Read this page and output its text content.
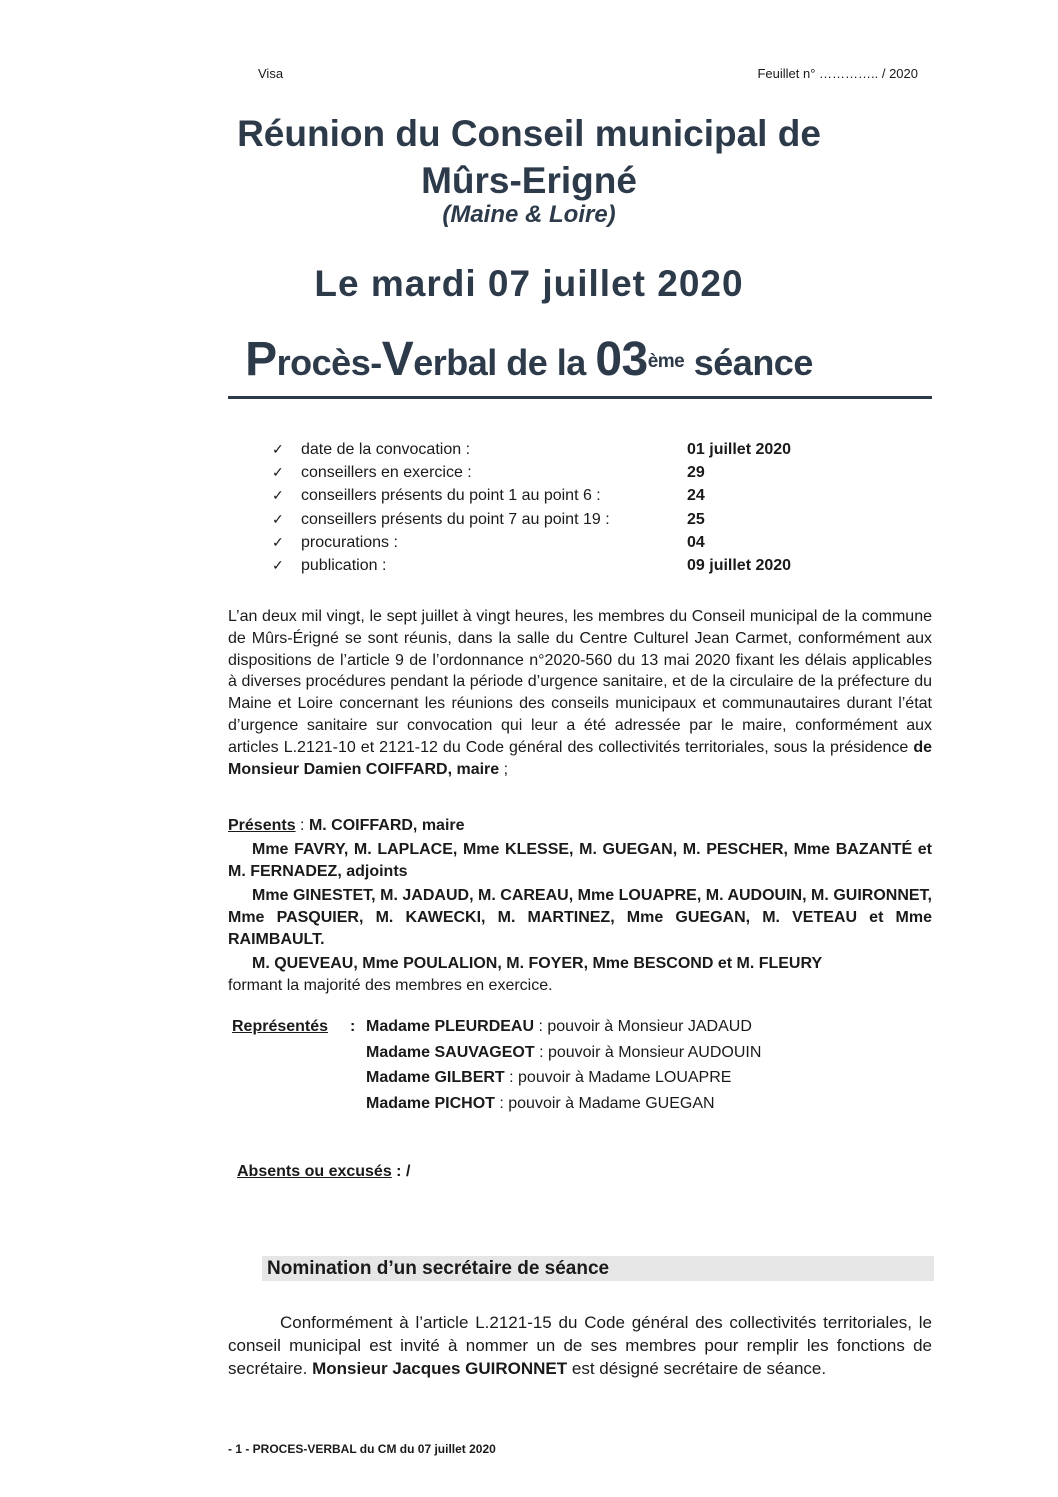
Visa	Feuillet n° ………….. / 2020
Réunion du Conseil municipal de
Mûrs-Erigné
(Maine & Loire)
Le mardi 07 juillet 2020
Procès-Verbal de la 03ème séance
✓ date de la convocation :	01 juillet 2020
✓ conseillers en exercice :	29
✓ conseillers présents du point 1 au point 6 :	24
✓ conseillers présents du point 7 au point 19 :	25
✓ procurations :	04
✓ publication :	09 juillet 2020
L’an deux mil vingt, le sept juillet à vingt heures, les membres du Conseil municipal de la commune de Mûrs-Érigné se sont réunis, dans la salle du Centre Culturel Jean Carmet, conformément aux dispositions de l’article 9 de l’ordonnance n°2020-560 du 13 mai 2020 fixant les délais applicables à diverses procédures pendant la période d’urgence sanitaire, et de la circulaire de la préfecture du Maine et Loire concernant les réunions des conseils municipaux et communautaires durant l’état d’urgence sanitaire sur convocation qui leur a été adressée par le maire, conformément aux articles L.2121-10 et 2121-12 du Code général des collectivités territoriales, sous la présidence de Monsieur Damien COIFFARD, maire ;
Présents : M. COIFFARD, maire
Mme FAVRY, M. LAPLACE, Mme KLESSE, M. GUEGAN, M. PESCHER, Mme BAZANTÉ et M. FERNADEZ, adjoints
Mme GINESTET, M. JADAUD, M. CAREAU, Mme LOUAPRE, M. AUDOUIN, M. GUIRONNET, Mme PASQUIER, M. KAWECKI, M. MARTINEZ, Mme GUEGAN, M. VETEAU et Mme RAIMBAULT.
M. QUEVEAU, Mme POULALION, M. FOYER, Mme BESCOND et M. FLEURY
formant la majorité des membres en exercice.
Représentés	: Madame PLEURDEAU : pouvoir à Monsieur JADAUD
Madame SAUVAGEOT : pouvoir à Monsieur AUDOUIN
Madame GILBERT : pouvoir à Madame LOUAPRE
Madame PICHOT : pouvoir à Madame GUEGAN
Absents ou excusés : /
Nomination d’un secrétaire de séance
Conformément à l’article L.2121-15 du Code général des collectivités territoriales, le conseil municipal est invité à nommer un de ses membres pour remplir les fonctions de secrétaire. Monsieur Jacques GUIRONNET est désigné secrétaire de séance.
- 1 - PROCES-VERBAL du CM du 07 juillet 2020
